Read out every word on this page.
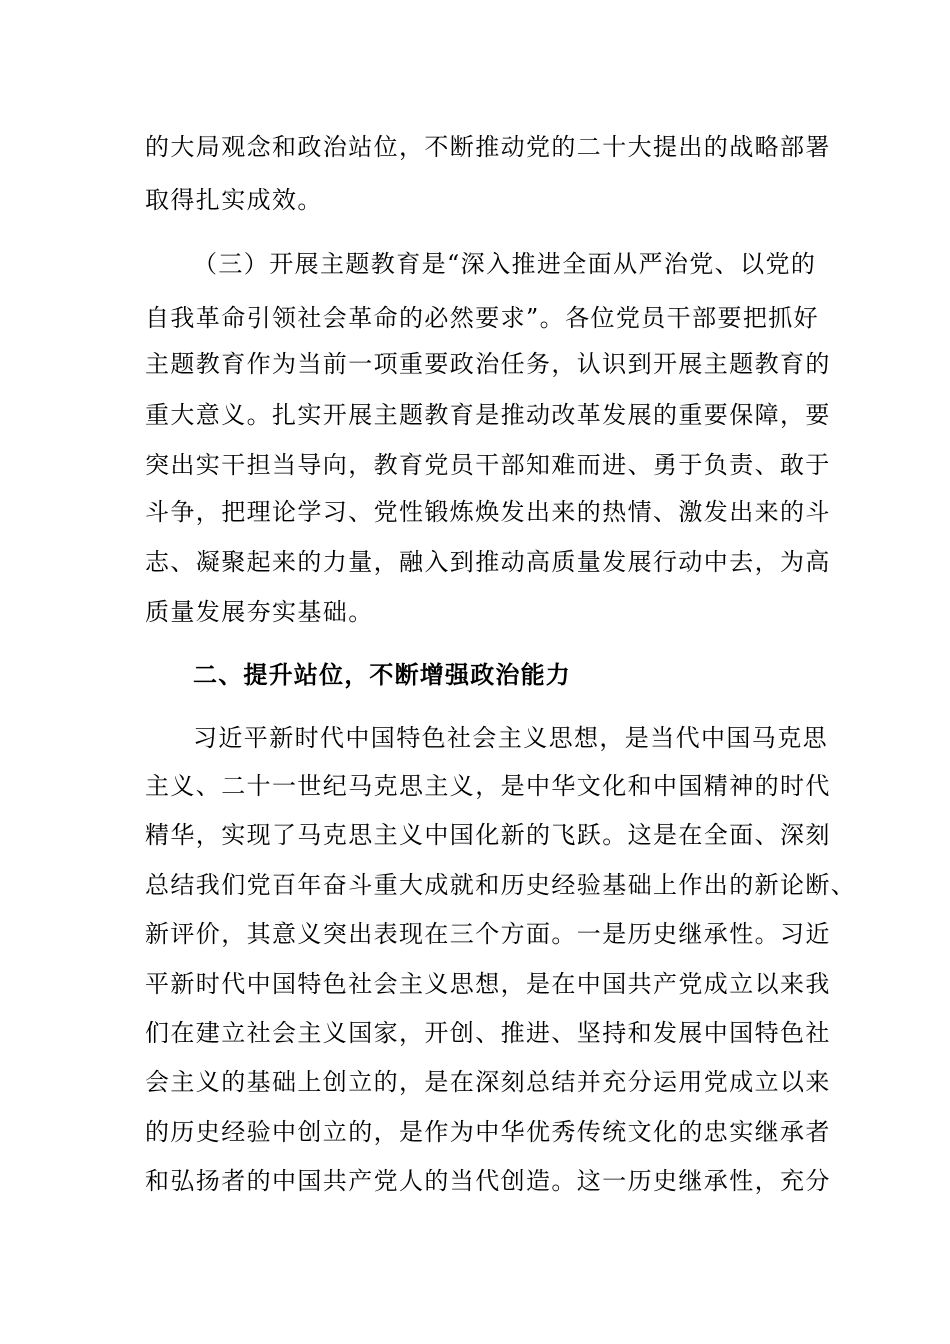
的大局观念和政治站位，不断推动党的二十大提出的战略部署
取得扎实成效。
（三）开展主题教育是“深入推进全面从严治党、以党的
自我革命引领社会革命的必然要求”。各位党员干部要把抓好
主题教育作为当前一项重要政治任务，认识到开展主题教育的
重大意义。扎实开展主题教育是推动改革发展的重要保障，要
突出实干担当导向，教育党员干部知难而进、勇于负责、敢于
斗争，把理论学习、党性锻炼焕发出来的热情、激发出来的斗
志、凝聚起来的力量，融入到推动高质量发展行动中去，为高
质量发展夯实基础。
二、提升站位，不断增强政治能力
习近平新时代中国特色社会主义思想，是当代中国马克思
主义、二十一世纪马克思主义，是中华文化和中国精神的时代
精华，实现了马克思主义中国化新的飞跃。这是在全面、深刻
总结我们党百年奋斗重大成就和历史经验基础上作出的新论断、
新评价，其意义突出表现在三个方面。一是历史继承性。习近
平新时代中国特色社会主义思想，是在中国共产党成立以来我
们在建立社会主义国家，开创、推进、坚持和发展中国特色社
会主义的基础上创立的，是在深刻总结并充分运用党成立以来
的历史经验中创立的，是作为中华优秀传统文化的忠实继承者
和弘扬者的中国共产党人的当代创造。这一历史继承性，充分
